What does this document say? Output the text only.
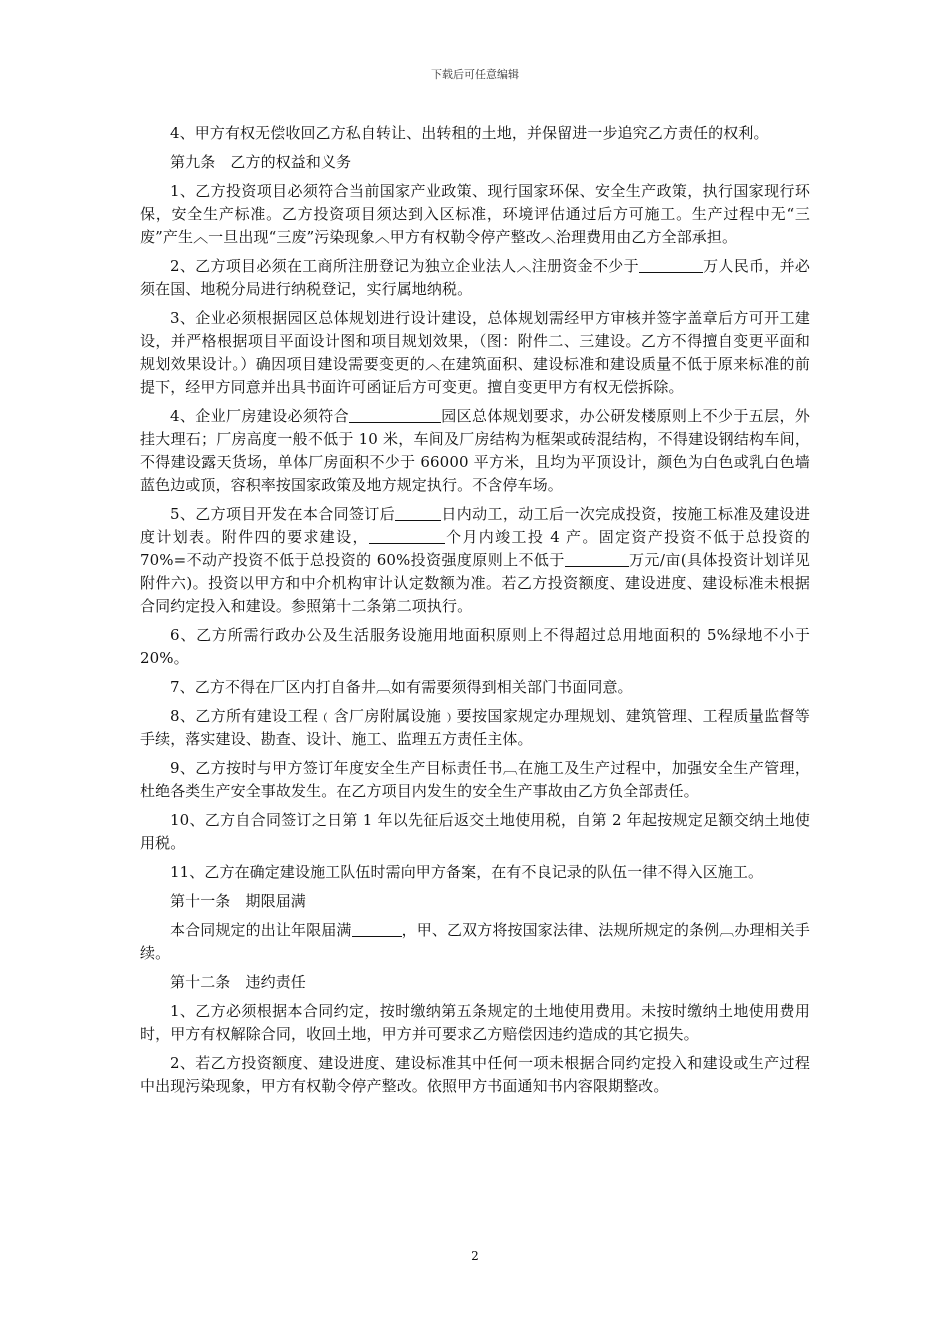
下载后可任意编辑

4、甲方有权无偿收回乙方私自转让、出转租的土地，并保留进一步追究乙方责任的权利。

第九条　乙方的权益和义务

1、乙方投资项目必须符合当前国家产业政策、现行国家环保、安全生产政策，执行国家现行环保，安全生产标准。乙方投资项目须达到入区标准，环境评估通过后方可施工。生产过程中无“三废”产生︿一旦出现“三废”污染现象︿甲方有权勒令停产整改︿治理费用由乙方全部承担。

2、乙方项目必须在工商所注册登记为独立企业法人︿注册资金不少于	万人民币，并必须在国、地税分局进行纳税登记，实行属地纳税。

3、企业必须根据园区总体规划进行设计建设，总体规划需经甲方审核并签字盖章后方可开工建设，并严格根据项目平面设计图和项目规划效果，（图：附件二、三建设。乙方不得擅自变更平面和规划效果设计。）确因项目建设需要变更的︿在建筑面积、建设标准和建设质量不低于原来标准的前提下，经甲方同意并出具书面许可函证后方可变更。擅自变更甲方有权无偿拆除。

4、企业厂房建设必须符合	园区总体规划要求，办公研发楼原则上不少于五层，外挂大理石；厂房高度一般不低于 10 米，车间及厂房结构为框架或砖混结构，不得建设钢结构车间，不得建设露天货场，单体厂房面积不少于 66000 平方米，且均为平顶设计，颜色为白色或乳白色墙蓝色边或顶，容积率按国家政策及地方规定执行。不含停车场。

5、乙方项目开发在本合同签订后	日内动工，动工后一次完成投资，按施工标准及建设进度计划表。附件四的要求建设，	个月内竣工投 4 产。固定资产投资不低于总投资的 70%=不动产投资不低于总投资的 60%投资强度原则上不低于	万元/亩(具体投资计划详见附件六)。投资以甲方和中介机构审计认定数额为准。若乙方投资额度、建设进度、建设标准未根据合同约定投入和建设。参照第十二条第二项执行。

6、乙方所需行政办公及生活服务设施用地面积原则上不得超过总用地面积的 5%绿地不小于 20%。

7、乙方不得在厂区内打自备井︹如有需要须得到相关部门书面同意。

8、乙方所有建设工程﹙含厂房附属设施﹚要按国家规定办理规划、建筑管理、工程质量监督等手续，落实建设、勘查、设计、施工、监理五方责任主体。

9、乙方按时与甲方签订年度安全生产目标责任书︹在施工及生产过程中，加强安全生产管理，杜绝各类生产安全事故发生。在乙方项目内发生的安全生产事故由乙方负全部责任。

10、乙方自合同签订之日第 1 年以先征后返交土地使用税，自第 2 年起按规定足额交纳土地使用税。

11、乙方在确定建设施工队伍时需向甲方备案，在有不良记录的队伍一律不得入区施工。

第十一条　期限届满

本合同规定的出让年限届满	，甲、乙双方将按国家法律、法规所规定的条例︹办理相关手续。

第十二条　违约责任

1、乙方必须根据本合同约定，按时缴纳第五条规定的土地使用费用。未按时缴纳土地使用费用时，甲方有权解除合同，收回土地，甲方并可要求乙方赔偿因违约造成的其它损失。

2、若乙方投资额度、建设进度、建设标准其中任何一项未根据合同约定投入和建设或生产过程中出现污染现象，甲方有权勒令停产整改。依照甲方书面通知书内容限期整改。

2
